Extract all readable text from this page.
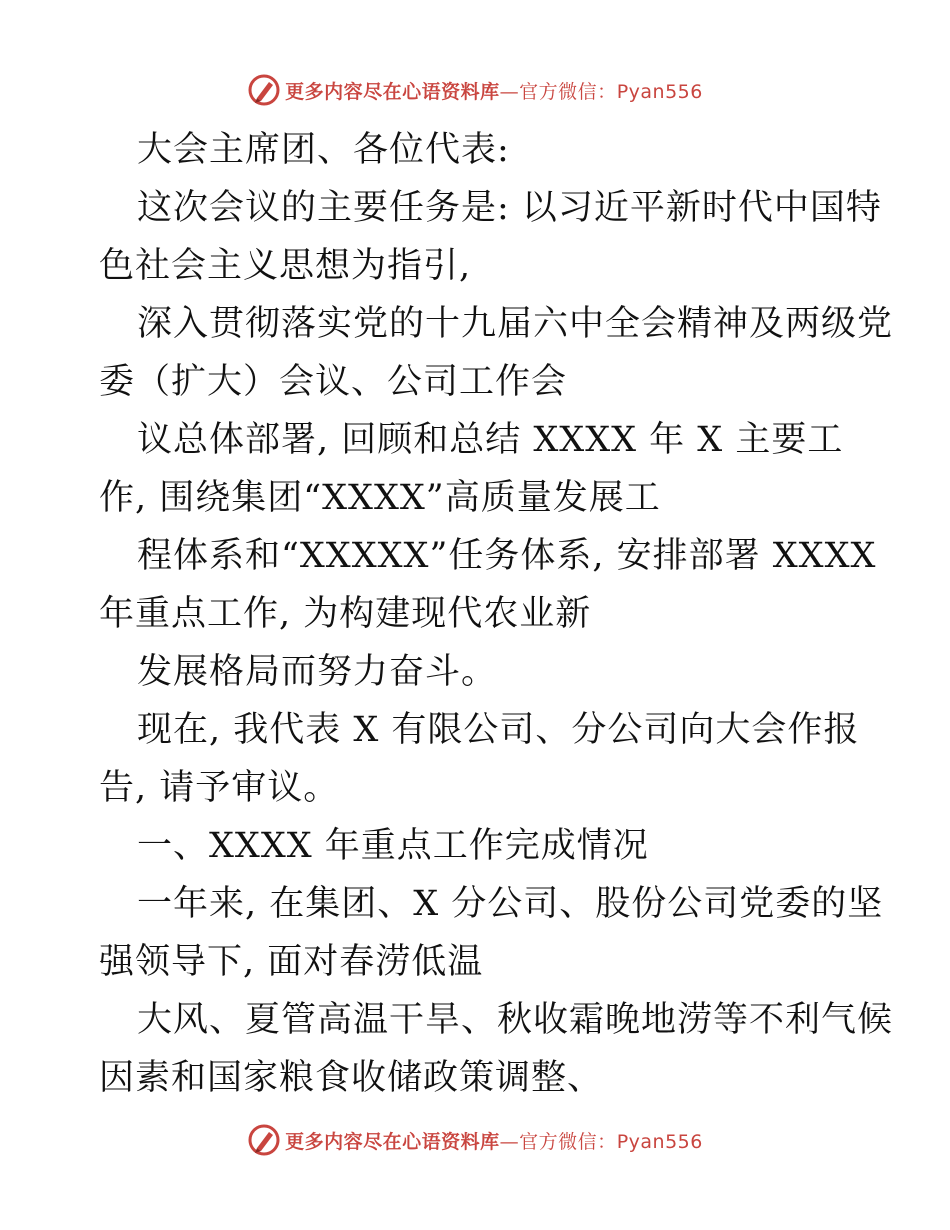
更多内容尽在心语资料库—官方微信：Pyan556
大会主席团、各位代表:
这次会议的主要任务是: 以习近平新时代中国特
色社会主义思想为指引,
深入贯彻落实党的十九届六中全会精神及两级党
委（扩大）会议、公司工作会
议总体部署, 回顾和总结 XXXX 年 X 主要工
作, 围绕集团“XXXX”高质量发展工
程体系和“XXXXX”任务体系, 安排部署 XXXX
年重点工作, 为构建现代农业新
发展格局而努力奋斗。
现在, 我代表 X 有限公司、分公司向大会作报
告, 请予审议。
一、XXXX 年重点工作完成情况
一年来, 在集团、X 分公司、股份公司党委的坚
强领导下, 面对春涝低温
大风、夏管高温干旱、秋收霜晚地涝等不利气候
因素和国家粮食收储政策调整、
更多内容尽在心语资料库—官方微信：Pyan556
